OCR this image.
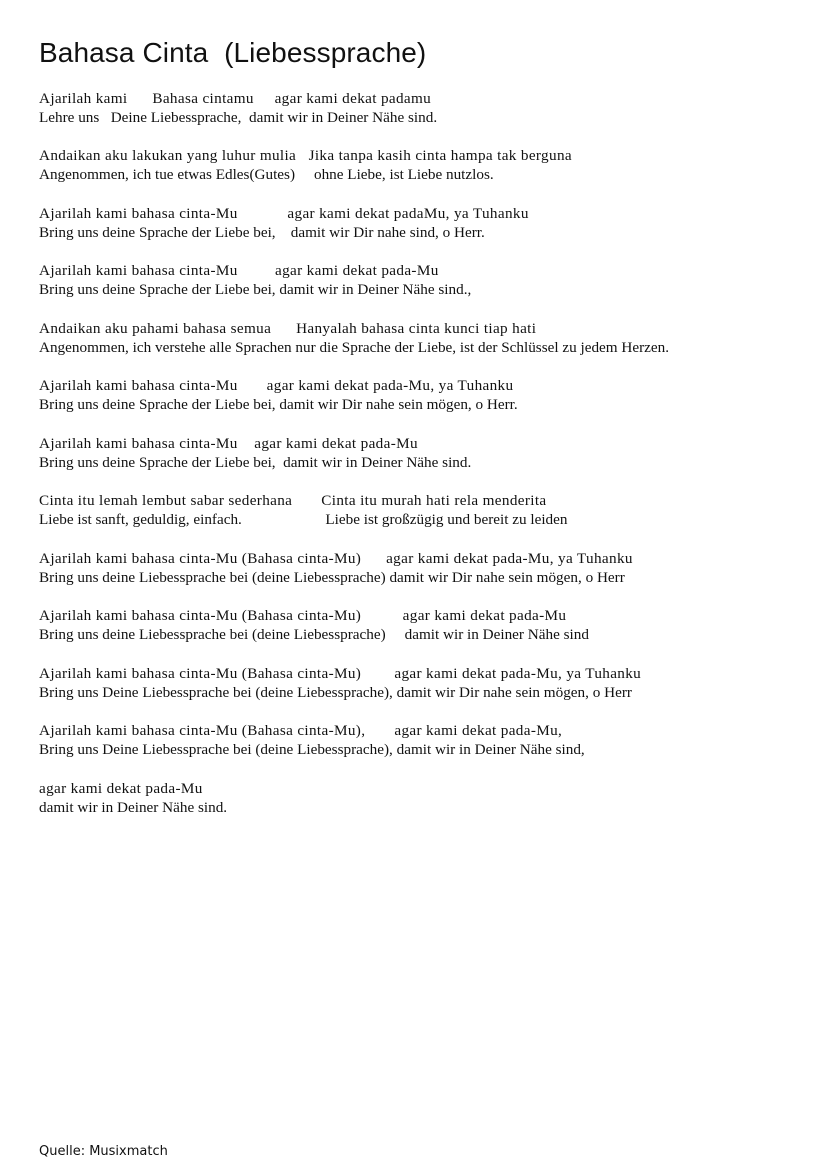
Bahasa Cinta  (Liebessprache)
Ajarilah kami      Bahasa cintamu     agar kami dekat padamu
Lehre uns   Deine Liebessprache,  damit wir in Deiner Nähe sind.
Andaikan aku lakukan yang luhur mulia   Jika tanpa kasih cinta hampa tak berguna
Angenommen, ich tue etwas Edles(Gutes)     ohne Liebe, ist Liebe nutzlos.
Ajarilah kami bahasa cinta-Mu            agar kami dekat padaMu, ya Tuhanku
Bring uns deine Sprache der Liebe bei,    damit wir Dir nahe sind, o Herr.
Ajarilah kami bahasa cinta-Mu         agar kami dekat pada-Mu
Bring uns deine Sprache der Liebe bei, damit wir in Deiner Nähe sind.,
Andaikan aku pahami bahasa semua      Hanyalah bahasa cinta kunci tiap hati
Angenommen, ich verstehe alle Sprachen nur die Sprache der Liebe, ist der Schlüssel zu jedem Herzen.
Ajarilah kami bahasa cinta-Mu       agar kami dekat pada-Mu, ya Tuhanku
Bring uns deine Sprache der Liebe bei, damit wir Dir nahe sein mögen, o Herr.
Ajarilah kami bahasa cinta-Mu    agar kami dekat pada-Mu
Bring uns deine Sprache der Liebe bei,  damit wir in Deiner Nähe sind.
Cinta itu lemah lembut sabar sederhana       Cinta itu murah hati rela menderita
Liebe ist sanft, geduldig, einfach.                      Liebe ist großzügig und bereit zu leiden
Ajarilah kami bahasa cinta-Mu (Bahasa cinta-Mu)      agar kami dekat pada-Mu, ya Tuhanku
Bring uns deine Liebessprache bei (deine Liebessprache) damit wir Dir nahe sein mögen, o Herr
Ajarilah kami bahasa cinta-Mu (Bahasa cinta-Mu)          agar kami dekat pada-Mu
Bring uns deine Liebessprache bei (deine Liebessprache)     damit wir in Deiner Nähe sind
Ajarilah kami bahasa cinta-Mu (Bahasa cinta-Mu)        agar kami dekat pada-Mu, ya Tuhanku
Bring uns Deine Liebessprache bei (deine Liebessprache), damit wir Dir nahe sein mögen, o Herr
Ajarilah kami bahasa cinta-Mu (Bahasa cinta-Mu),       agar kami dekat pada-Mu,
Bring uns Deine Liebessprache bei (deine Liebessprache), damit wir in Deiner Nähe sind,
agar kami dekat pada-Mu
damit wir in Deiner Nähe sind.
Quelle: Musixmatch
